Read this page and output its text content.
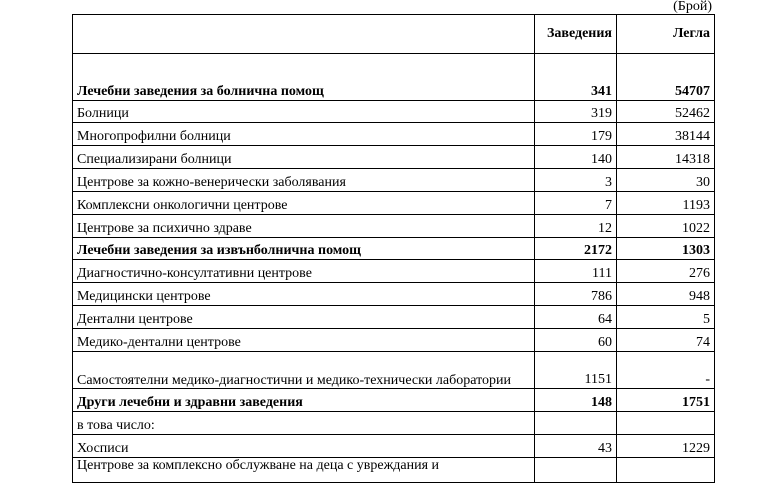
(Брой)
	Заведения	Легла
Лечебни заведения за болнична помощ	341	54707
Болници	319	52462
Многопрофилни болници	179	38144
Специализирани болници	140	14318
Центрове за кожно-венерически заболявания	3	30
Комплексни онкологични центрове	7	1193
Центрове за психично здраве	12	1022
Лечебни заведения за извънболнична помощ	2172	1303
Диагностично-консултативни центрове	111	276
Медицински центрове	786	948
Дентални центрове	64	5
Медико-дентални центрове	60	74
Самостоятелни медико-диагностични и медико-технически лаборатории	1151	-
Други лечебни и здравни заведения	148	1751
в това число:		
Хосписи	43	1229
Центрове за комплексно обслужване на деца с увреждания и		
